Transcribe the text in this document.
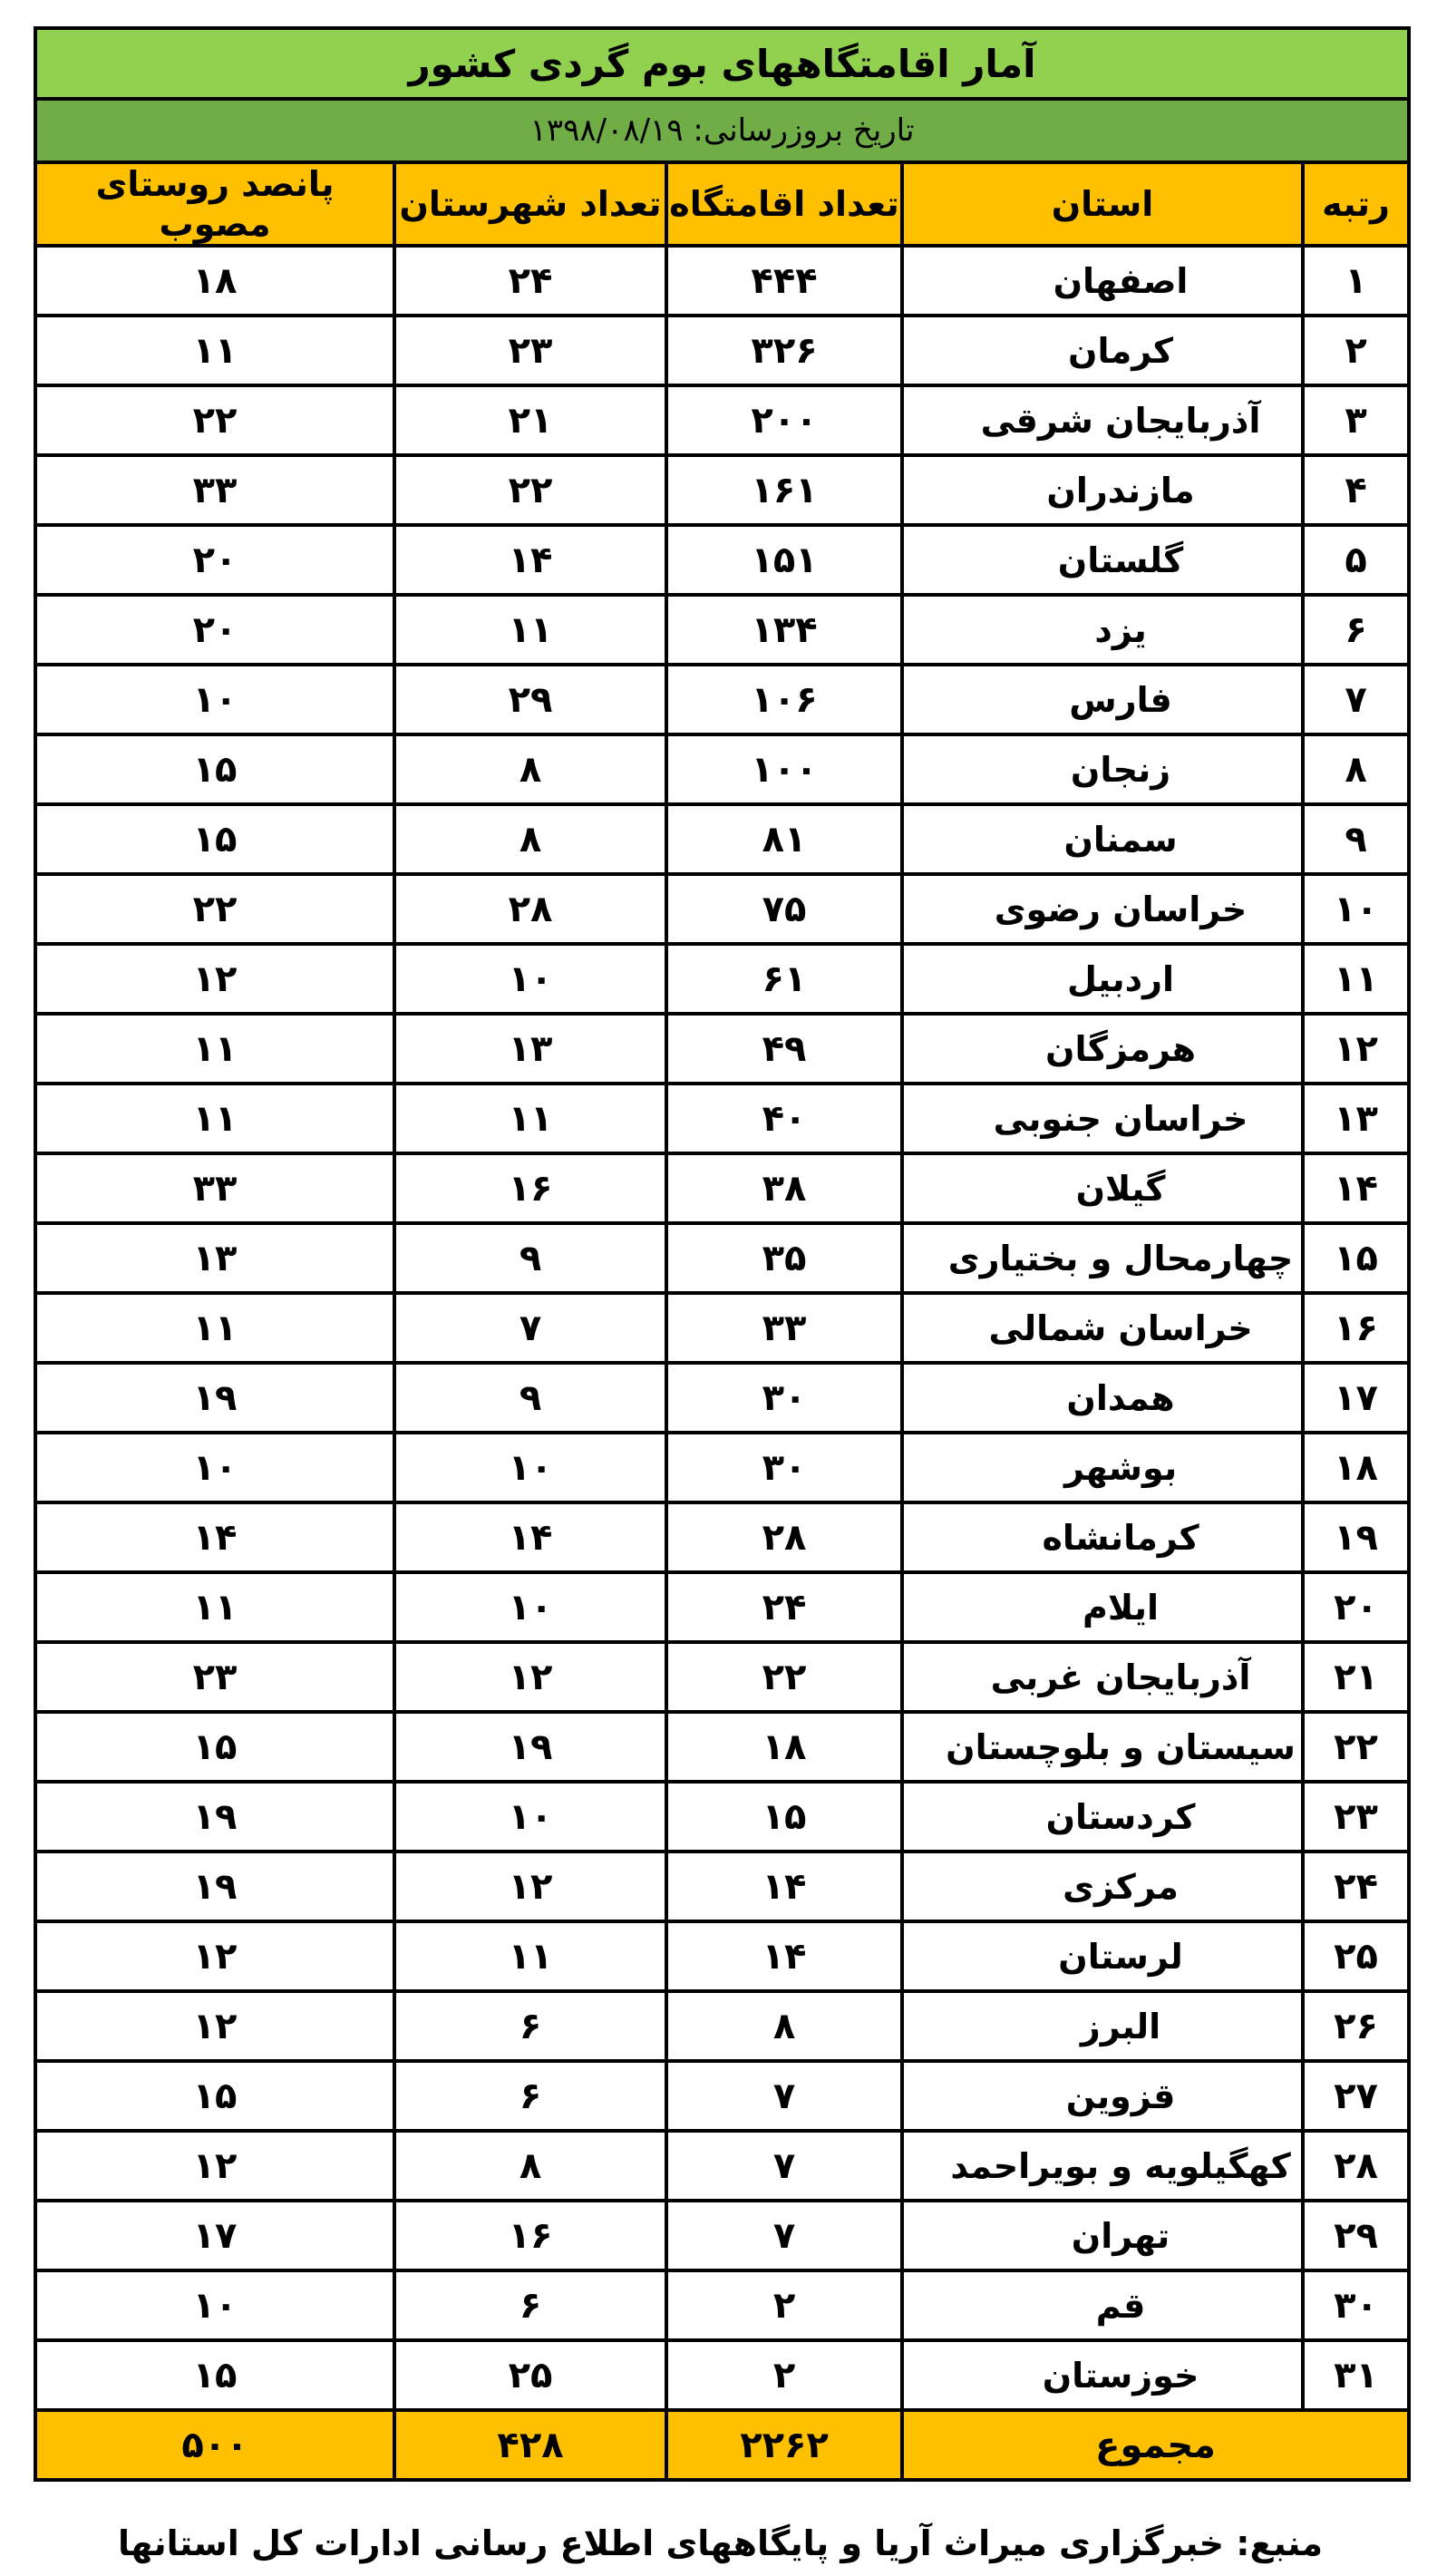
آمار اقامتگاههای بوم گردی کشور				
تاریخ بروزرسانی: ۱۳۹۸/۰۸/۱۹				
رتبه	استان	تعداد اقامتگاه	تعداد شهرستان	پانصد روستای مصوب
۱	اصفهان	۴۴۴	۲۴	۱۸
۲	کرمان	۳۲۶	۲۳	۱۱
۳	آذربایجان شرقی	۲۰۰	۲۱	۲۲
۴	مازندران	۱۶۱	۲۲	۳۳
۵	گلستان	۱۵۱	۱۴	۲۰
۶	یزد	۱۳۴	۱۱	۲۰
۷	فارس	۱۰۶	۲۹	۱۰
۸	زنجان	۱۰۰	۸	۱۵
۹	سمنان	۸۱	۸	۱۵
۱۰	خراسان رضوی	۷۵	۲۸	۲۲
۱۱	اردبیل	۶۱	۱۰	۱۲
۱۲	هرمزگان	۴۹	۱۳	۱۱
۱۳	خراسان جنوبی	۴۰	۱۱	۱۱
۱۴	گیلان	۳۸	۱۶	۳۳
۱۵	چهارمحال و بختیاری	۳۵	۹	۱۳
۱۶	خراسان شمالی	۳۳	۷	۱۱
۱۷	همدان	۳۰	۹	۱۹
۱۸	بوشهر	۳۰	۱۰	۱۰
۱۹	کرمانشاه	۲۸	۱۴	۱۴
۲۰	ایلام	۲۴	۱۰	۱۱
۲۱	آذربایجان غربی	۲۲	۱۲	۲۳
۲۲	سیستان و بلوچستان	۱۸	۱۹	۱۵
۲۳	کردستان	۱۵	۱۰	۱۹
۲۴	مرکزی	۱۴	۱۲	۱۹
۲۵	لرستان	۱۴	۱۱	۱۲
۲۶	البرز	۸	۶	۱۲
۲۷	قزوین	۷	۶	۱۵
۲۸	کهگیلویه و بویراحمد	۷	۸	۱۲
۲۹	تهران	۷	۱۶	۱۷
۳۰	قم	۲	۶	۱۰
۳۱	خوزستان	۲	۲۵	۱۵
مجموع		۲۲۶۲	۴۲۸	۵۰۰
منبع: خبرگزاری میراث آریا و پایگاههای اطلاع رسانی ادارات کل استانها
